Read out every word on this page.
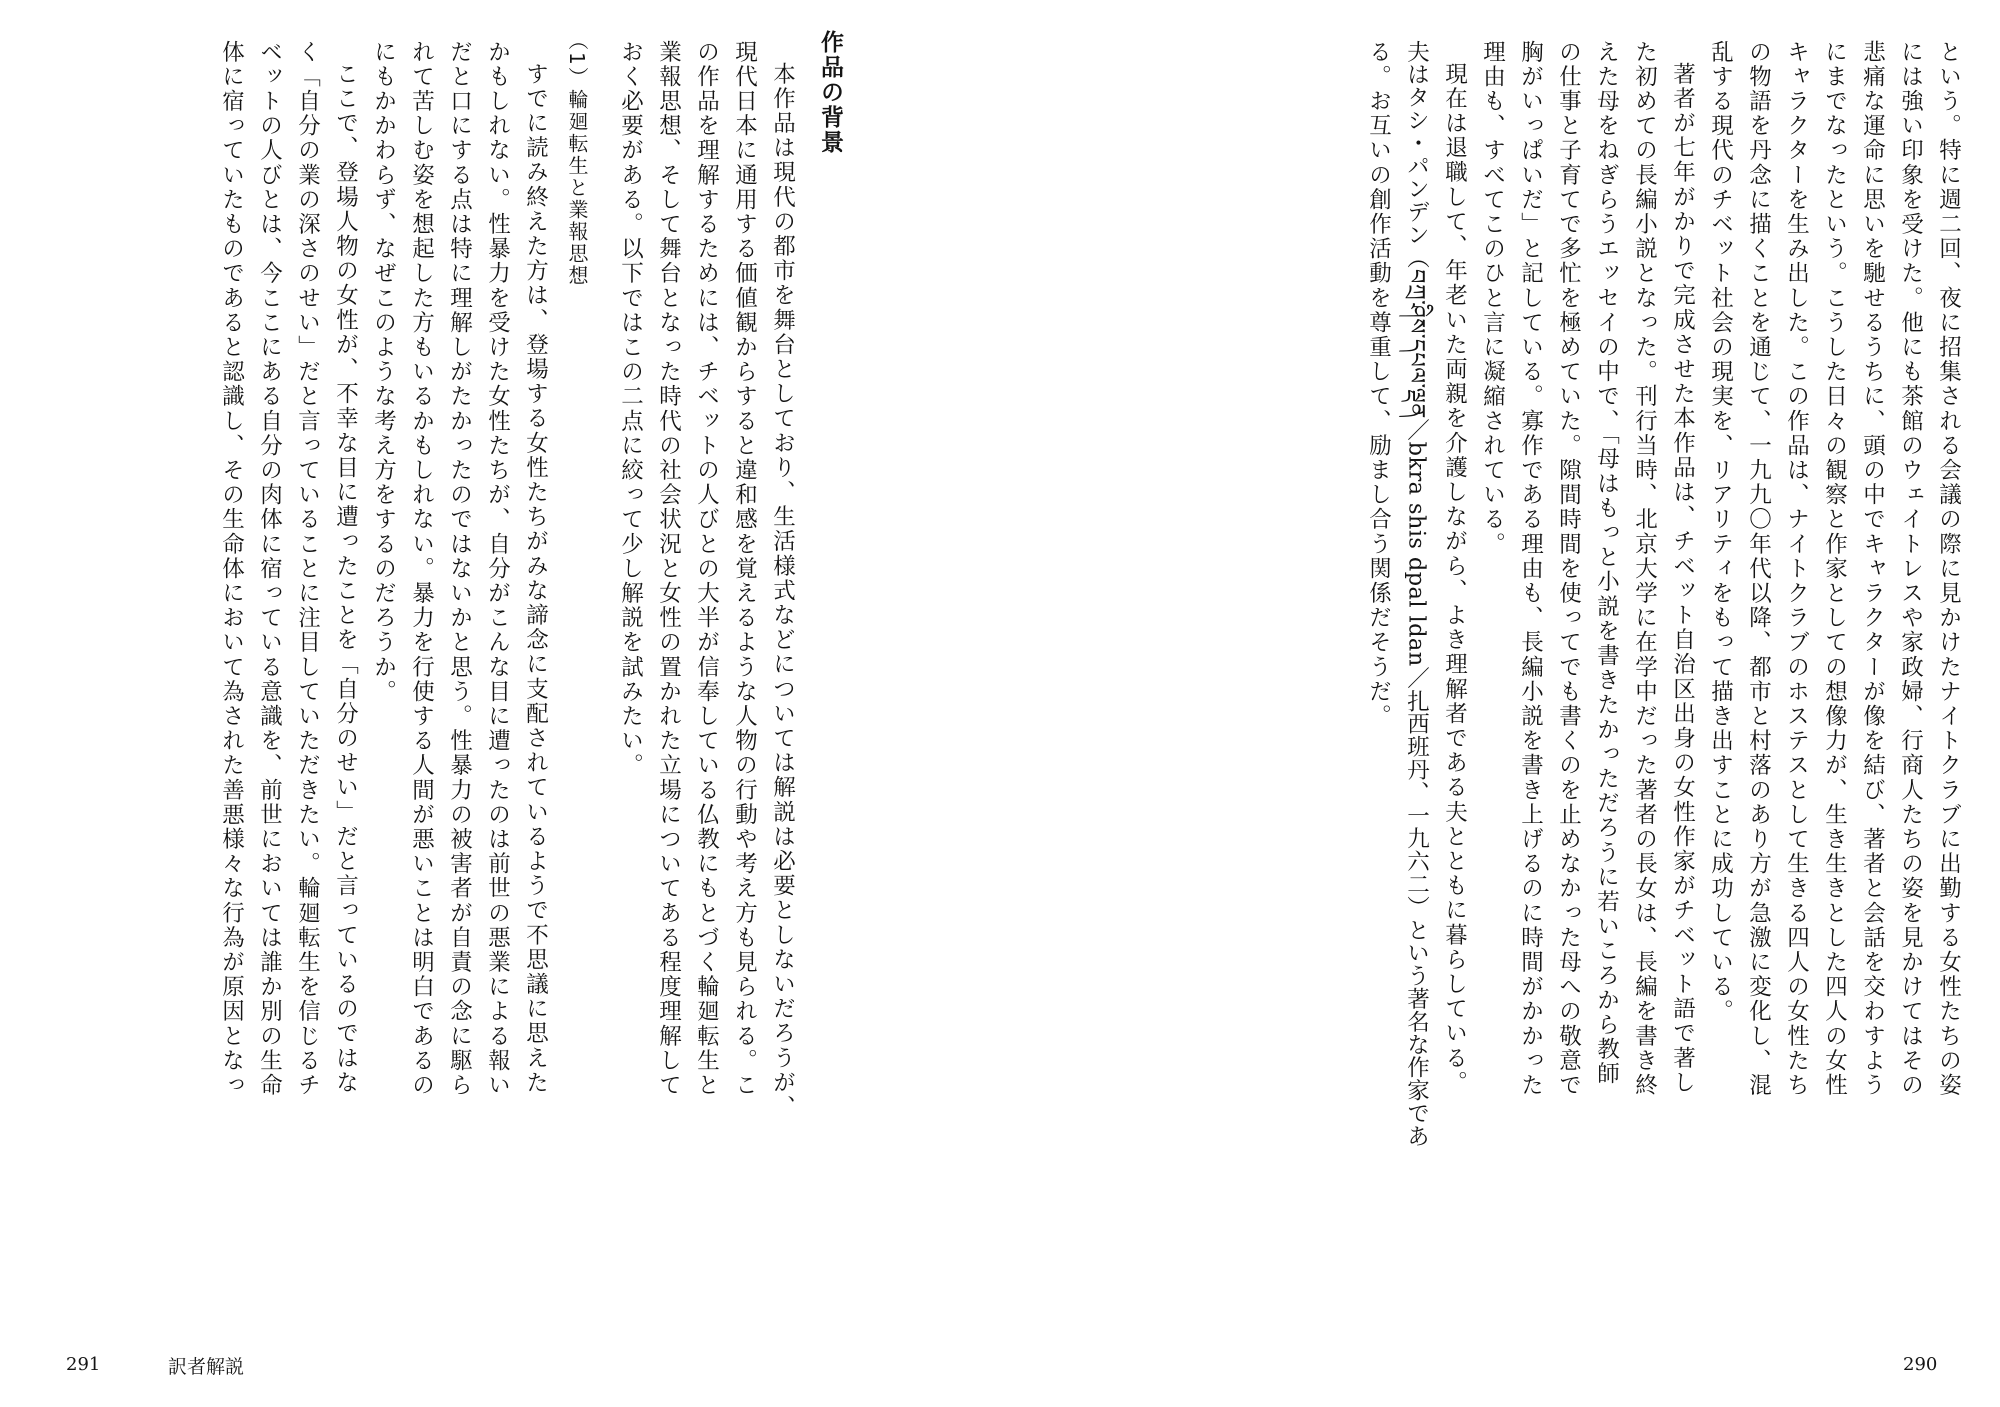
という。特に週二回、夜に招集される会議の際に見かけたナイトクラブに出勤する女性たちの姿
には強い印象を受けた。他にも茶館のウェイトレスや家政婦、行商人たちの姿を見かけてはその
悲痛な運命に思いを馳せるうちに、頭の中でキャラクターが像を結び、著者と会話を交わすよう
にまでなったという。こうした日々の観察と作家としての想像力が、生き生きとした四人の女性
キャラクターを生み出した。この作品は、ナイトクラブのホステスとして生きる四人の女性たち
の物語を丹念に描くことを通じて、一九九〇年代以降、都市と村落のあり方が急激に変化し、混
乱する現代のチベット社会の現実を、リアリティをもって描き出すことに成功している。
著者が七年がかりで完成させた本作品は、チベット自治区出身の女性作家がチベット語で著し
た初めての長編小説となった。刊行当時、北京大学に在学中だった著者の長女は、長編を書き終
えた母をねぎらうエッセイの中で、「母はもっと小説を書きたかっただろうに若いころから教師
の仕事と子育てで多忙を極めていた。隙間時間を使ってでも書くのを止めなかった母への敬意で
胸がいっぱいだ」と記している。寡作である理由も、長編小説を書き上げるのに時間がかかった
理由も、すべてこのひと言に凝縮されている。
現在は退職して、年老いた両親を介護しながら、よき理解者である夫とともに暮らしている。
夫はタシ・パンデン（བཀྲ་ཤིས་དཔལ་ལྡན／bkra shis dpal ldan／扎西班丹、一九六二）という著名な作家であ
る。お互いの創作活動を尊重して、励まし合う関係だそうだ。
290
作品の背景
本作品は現代の都市を舞台としており、生活様式などについては解説は必要としないだろうが、
現代日本に通用する価値観からすると違和感を覚えるような人物の行動や考え方も見られる。こ
の作品を理解するためには、チベットの人びとの大半が信奉している仏教にもとづく輪廻転生と
業報思想、そして舞台となった時代の社会状況と女性の置かれた立場についてある程度理解して
おく必要がある。以下ではこの二点に絞って少し解説を試みたい。
（1）輪廻転生と業報思想
すでに読み終えた方は、登場する女性たちがみな諦念に支配されているようで不思議に思えた
かもしれない。性暴力を受けた女性たちが、自分がこんな目に遭ったのは前世の悪業による報い
だと口にする点は特に理解しがたかったのではないかと思う。性暴力の被害者が自責の念に駆ら
れて苦しむ姿を想起した方もいるかもしれない。暴力を行使する人間が悪いことは明白であるの
にもかかわらず、なぜこのような考え方をするのだろうか。
ここで、登場人物の女性が、不幸な目に遭ったことを「自分のせい」だと言っているのではな
く「自分の業の深さのせい」だと言っていることに注目していただきたい。輪廻転生を信じるチ
ベットの人びとは、今ここにある自分の肉体に宿っている意識を、前世においては誰か別の生命
体に宿っていたものであると認識し、その生命体において為された善悪様々な行為が原因となっ
291	訳者解説
